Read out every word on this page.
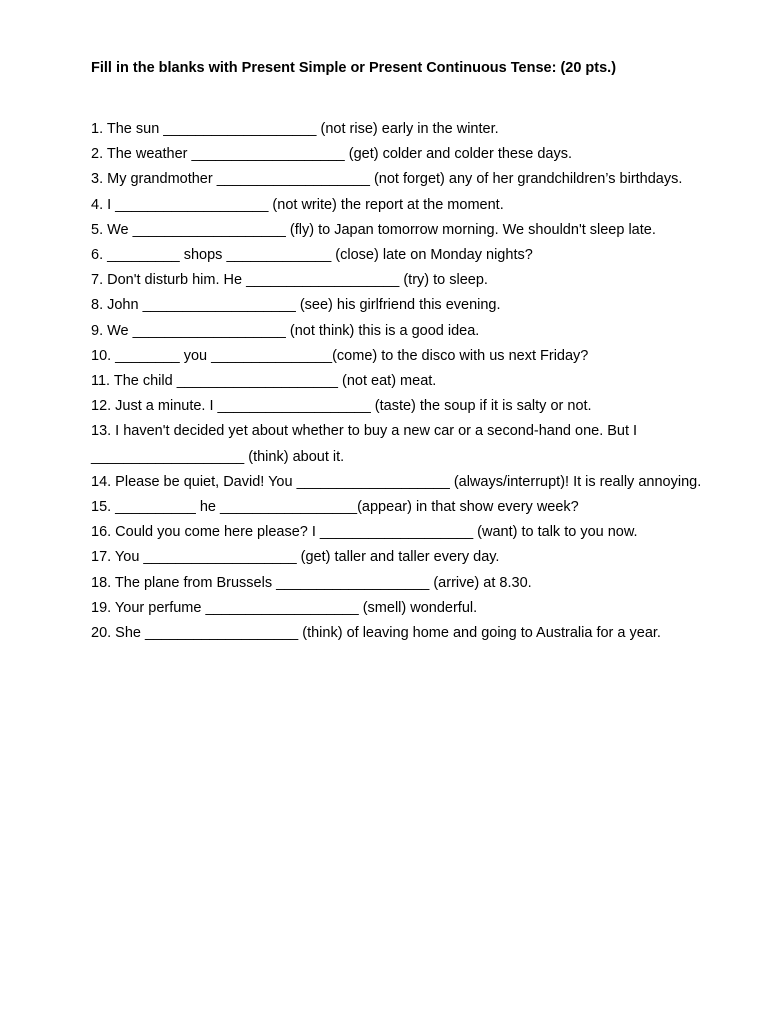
Fill in the blanks with Present Simple or Present Continuous Tense: (20 pts.)
1. The sun ___________________ (not rise) early in the winter.
2. The weather ___________________ (get) colder and colder these days.
3. My grandmother ___________________ (not forget) any of her grandchildren’s birthdays.
4. I ___________________ (not write) the report at the moment.
5. We ___________________ (fly) to Japan tomorrow morning. We shouldn't sleep late.
6. _________ shops _____________ (close) late on Monday nights?
7. Don't disturb him. He ___________________ (try) to sleep.
8. John ___________________ (see) his girlfriend this evening.
9. We ___________________ (not think) this is a good idea.
10. ________ you _______________(come) to the disco with us next Friday?
11. The child ____________________ (not eat) meat.
12. Just a minute. I ___________________ (taste) the soup if it is salty or not.
13. I haven't decided yet about whether to buy a new car or a second-hand one. But I ___________________ (think) about it.
14. Please be quiet, David! You ___________________ (always/interrupt)! It is really annoying.
15. __________ he _________________(appear) in that show every week?
16. Could you come here please? I ___________________ (want) to talk to you now.
17. You ___________________ (get) taller and taller every day.
18. The plane from Brussels ___________________ (arrive) at 8.30.
19. Your perfume ___________________ (smell) wonderful.
20. She ___________________ (think) of leaving home and going to Australia for a year.
